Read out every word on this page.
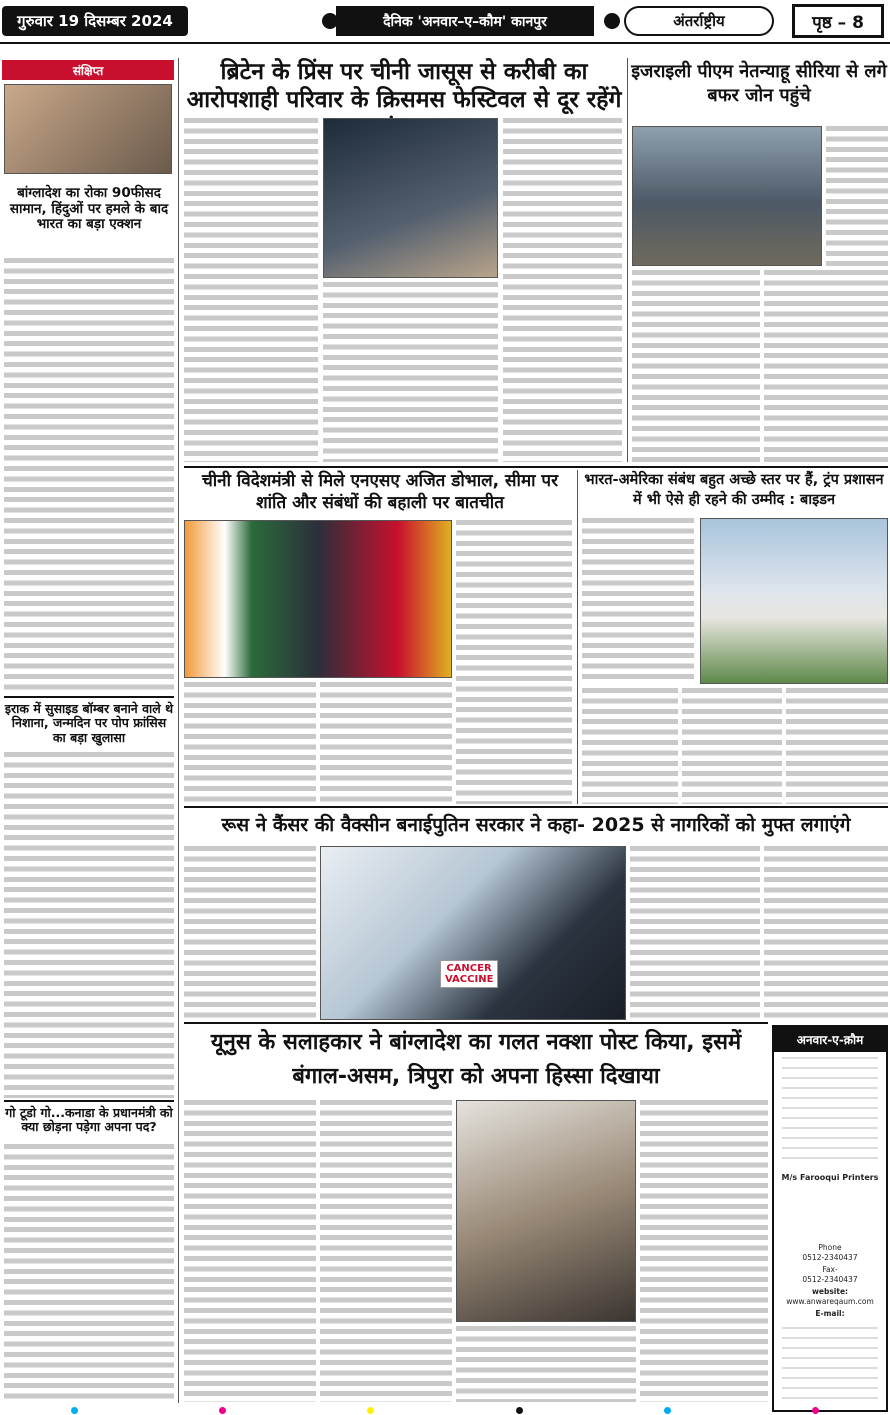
गुरुवार 19 दिसम्बर 2024	दैनिक 'अनवार–ए–कौम' कानपुर	अंतर्राष्ट्रीय	पृष्ठ – 8
संक्षिप्त
बांग्लादेश का रोका 90फीसद सामान, हिंदुओं पर हमले के बाद भारत का बड़ा एक्शन
इराक में सुसाइड बॉम्बर बनाने वाले थे निशाना, जन्मदिन पर पोप फ्रांसिस का बड़ा खुलासा
गो टूडो गो...कनाडा के प्रधानमंत्री को क्या छोड़ना पड़ेगा अपना पद?
ब्रिटेन के प्रिंस पर चीनी जासूस से करीबी का आरोपशाही परिवार के क्रिसमस फेस्टिवल से दूर रहेंगे
इजराइली पीएम नेतन्याहू सीरिया से लगे बफर जोन पहुंचे
चीनी विदेशमंत्री से मिले एनएसए अजित डोभाल, सीमा पर शांति और संबंधों की बहाली पर बातचीत
भारत-अमेरिका संबंध बहुत अच्छे स्तर पर हैं, ट्रंप प्रशासन में भी ऐसे ही रहने की उम्मीद : बाइडन
रूस ने कैंसर की वैक्सीन बनाईपुतिन सरकार ने कहा- 2025 से नागरिकों को मुफ्त लगाएंगे
CANCER
VACCINE
यूनुस के सलाहकार ने बांग्लादेश का गलत नक्शा पोस्ट किया, इसमें बंगाल-असम, त्रिपुरा को अपना हिस्सा दिखाया
अनवार-ए-क़ौम
M/s Farooqui Printers
Phone
0512-2340437
Fax-
0512-2340437
website:
www.anwareqaum.com
E-mail:
